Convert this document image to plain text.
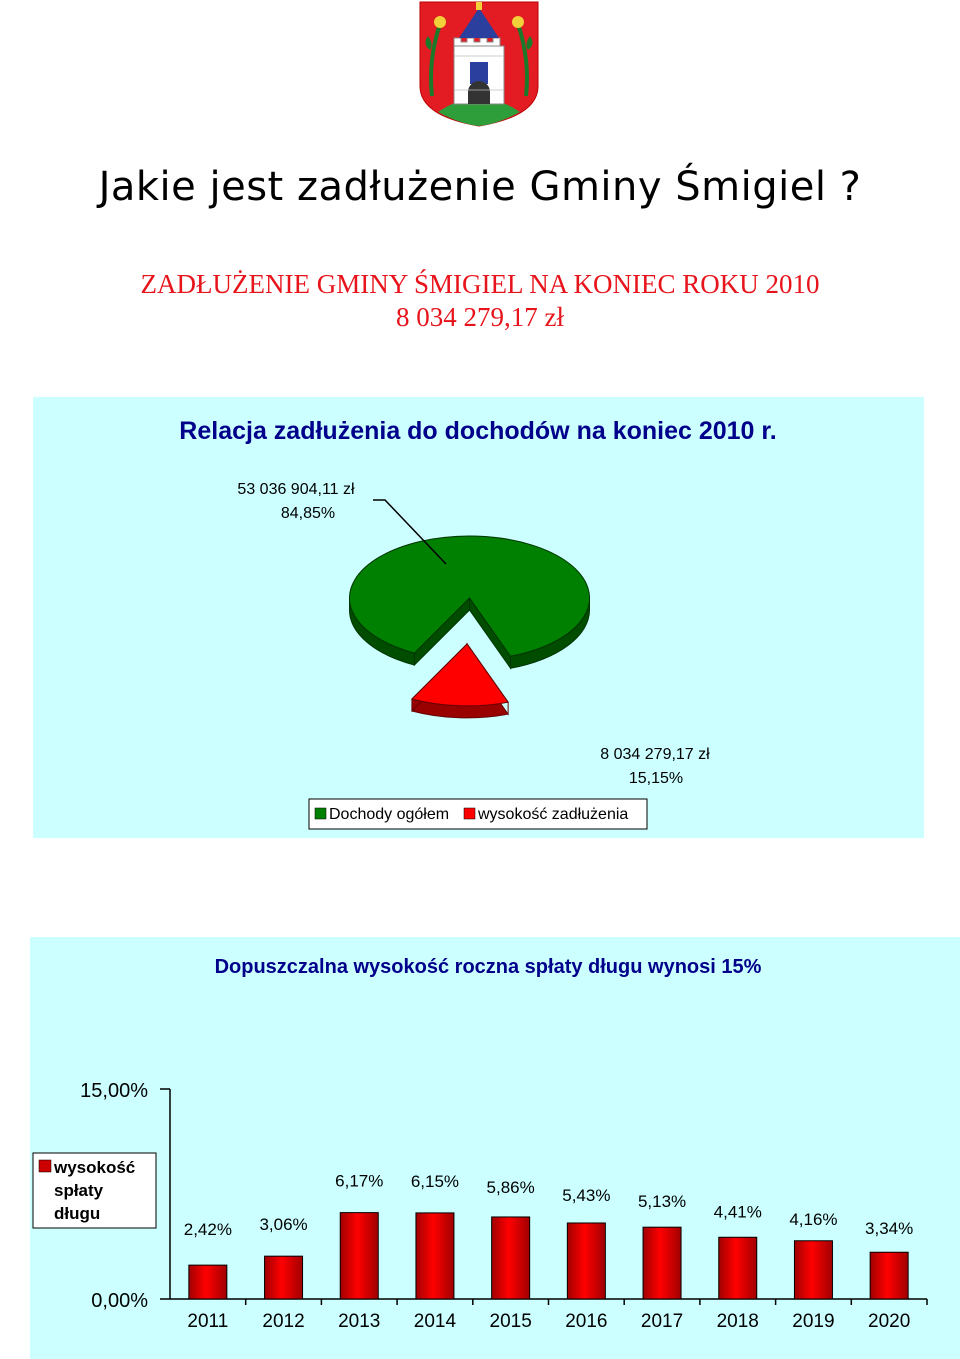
Jakie jest zadłużenie Gminy Śmigiel ?
ZADŁUŻENIE GMINY ŚMIGIEL NA KONIEC ROKU 2010
8 034 279,17 zł
Relacja zadłużenia do dochodów na koniec 2010 r.
53 036 904,11 zł
84,85%
8 034 279,17 zł
15,15%
Dochody ogółem wysokość zadłużenia
Dopuszczalna wysokość roczna spłaty długu wynosi 15%
15,00%
0,00%
wysokość
spłaty
długu
2,42%
2011
3,06%
2012
6,17%
2013
6,15%
2014
5,86%
2015
5,43%
2016
5,13%
2017
4,41%
2018
4,16%
2019
3,34%
2020
